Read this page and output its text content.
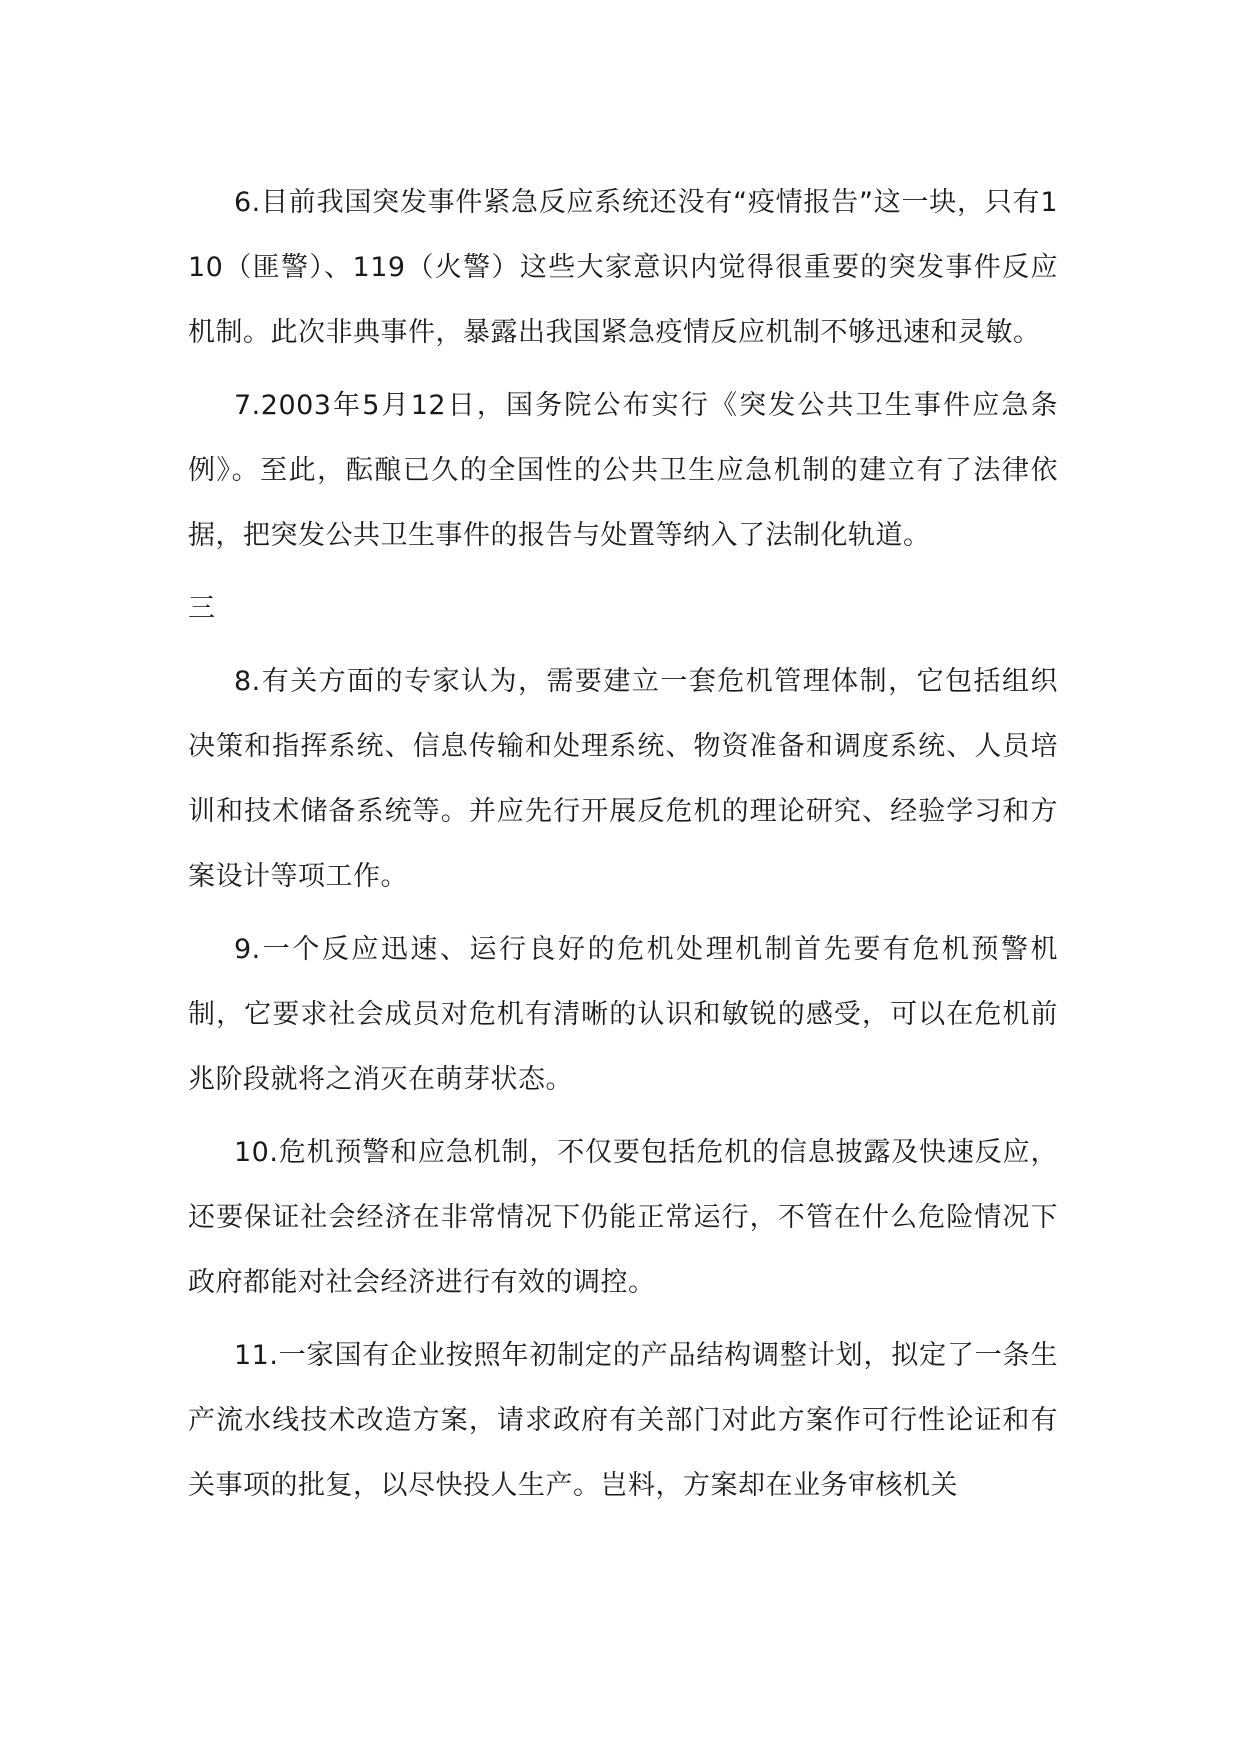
6.目前我国突发事件紧急反应系统还没有“疫情报告”这一块，只有110（匪警）、119（火警）这些大家意识内觉得很重要的突发事件反应机制。此次非典事件，暴露出我国紧急疫情反应机制不够迅速和灵敏。

7.2003年5月12日，国务院公布实行《突发公共卫生事件应急条例》。至此，酝酿已久的全国性的公共卫生应急机制的建立有了法律依据，把突发公共卫生事件的报告与处置等纳入了法制化轨道。

三

8.有关方面的专家认为，需要建立一套危机管理体制，它包括组织决策和指挥系统、信息传输和处理系统、物资准备和调度系统、人员培训和技术储备系统等。并应先行开展反危机的理论研究、经验学习和方案设计等项工作。

9.一个反应迅速、运行良好的危机处理机制首先要有危机预警机制，它要求社会成员对危机有清晰的认识和敏锐的感受，可以在危机前兆阶段就将之消灭在萌芽状态。

10.危机预警和应急机制，不仅要包括危机的信息披露及快速反应，还要保证社会经济在非常情况下仍能正常运行，不管在什么危险情况下政府都能对社会经济进行有效的调控。

11.一家国有企业按照年初制定的产品结构调整计划，拟定了一条生产流水线技术改造方案，请求政府有关部门对此方案作可行性论证和有关事项的批复，以尽快投人生产。岂料，方案却在业务审核机关
